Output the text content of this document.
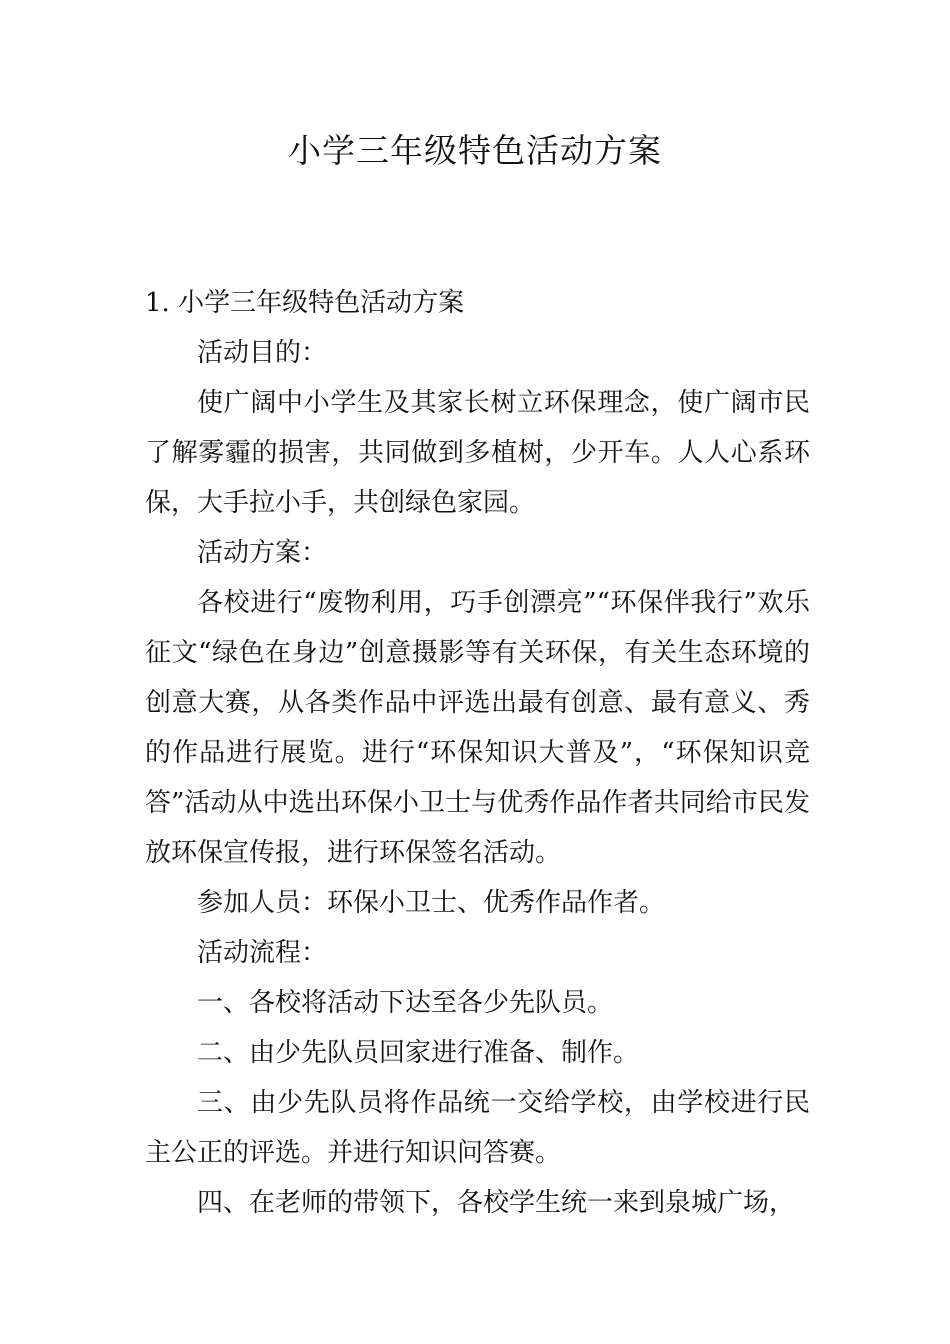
小学三年级特色活动方案

1. 小学三年级特色活动方案

活动目的：

使广阔中小学生及其家长树立环保理念，使广阔市民了解雾霾的损害，共同做到多植树，少开车。人人心系环保，大手拉小手，共创绿色家园。

活动方案：

各校进行“废物利用，巧手创漂亮”“环保伴我行”欢乐征文“绿色在身边”创意摄影等有关环保，有关生态环境的创意大赛，从各类作品中评选出最有创意、最有意义、秀的作品进行展览。进行“环保知识大普及”，“环保知识竞答”活动从中选出环保小卫士与优秀作品作者共同给市民发放环保宣传报，进行环保签名活动。

参加人员：环保小卫士、优秀作品作者。

活动流程：

一、各校将活动下达至各少先队员。

二、由少先队员回家进行准备、制作。

三、由少先队员将作品统一交给学校，由学校进行民主公正的评选。并进行知识问答赛。

四、在老师的带领下，各校学生统一来到泉城广场，
